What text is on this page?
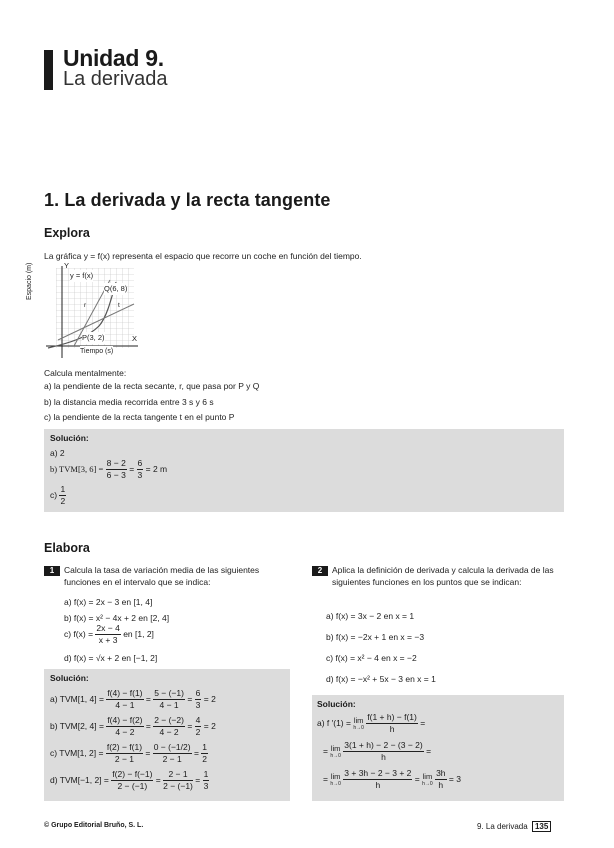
Unidad 9.
La derivada
1. La derivada y la recta tangente
Explora
La gráfica y = f(x) representa el espacio que recorre un coche en función del tiempo.
Y
X
y = f(x)
Q(6, 8)
P(3, 2)
r	t
Espacio (m)
Tiempo (s)
Calcula mentalmente:
a) la pendiente de la recta secante, r, que pasa por P y Q
b) la distancia media recorrida entre 3 s y 6 s
c) la pendiente de la recta tangente t en el punto P
Solución:
a) 2
b) TVM[3, $6] = \frac{8 - 2}{6 - 3} = \frac{6}{3} = 2$ m
$c) \frac{1}{2}$
Elabora
1	Calcula la tasa de variación media de las siguientes funciones en el intervalo que se indica:
a) f(x) = 2x − 3 en [1, 4]
b) f(x) = x² − 4x + 2 en [2, 4]
c) $f(x) = \frac{2x - 4}{x + 3}$ en [1, 2]
d) f(x) = √x + 2 en [−1, 2]
Solución:
a) TVM[1, $4] = \frac{f(4) - f(1)}{4 - 1} = \frac{5 - (-1)}{4 - 1} = \frac{6}{3} = 2$
b) TVM[2, $4] = \frac{f(4) - f(2)}{4 - 2} = \frac{2 - (-2)}{4 - 2} = \frac{4}{2} = 2$
c) TVM[1, $2] = \frac{f(2) - f(1)}{2 - 1} = \frac{0 - (-1/2)}{2 - 1} = \frac{1}{2}$
d) TVM[−1, $2] = \frac{f(2) - f(-1)}{2 - (-1)} = \frac{2 - 1}{2 - (-1)} = \frac{1}{3}$
2	Aplica la definición de derivada y calcula la derivada de las siguientes funciones en los puntos que se indican:
a) f(x) = 3x − 2 en x = 1
b) f(x) = −2x + 1 en x = −3
c) f(x) = x² − 4 en x = −2
d) f(x) = −x² + 5x − 3 en x = 1
Solución:
a) f ′(1) = lim
h→0
$\frac{f(1 + h) - f(1)}{h}$ =
= lim
h→0
$\frac{3(1 + h) - 2 - (3 - 2)}{h}$ =
= lim
h→0
$\frac{3 + 3h - 2 - 3 + 2}{h} = \lim$
h→0
$\frac{3h}{h} = 3$
© Grupo Editorial Bruño, S. L.	9. La derivada 135
